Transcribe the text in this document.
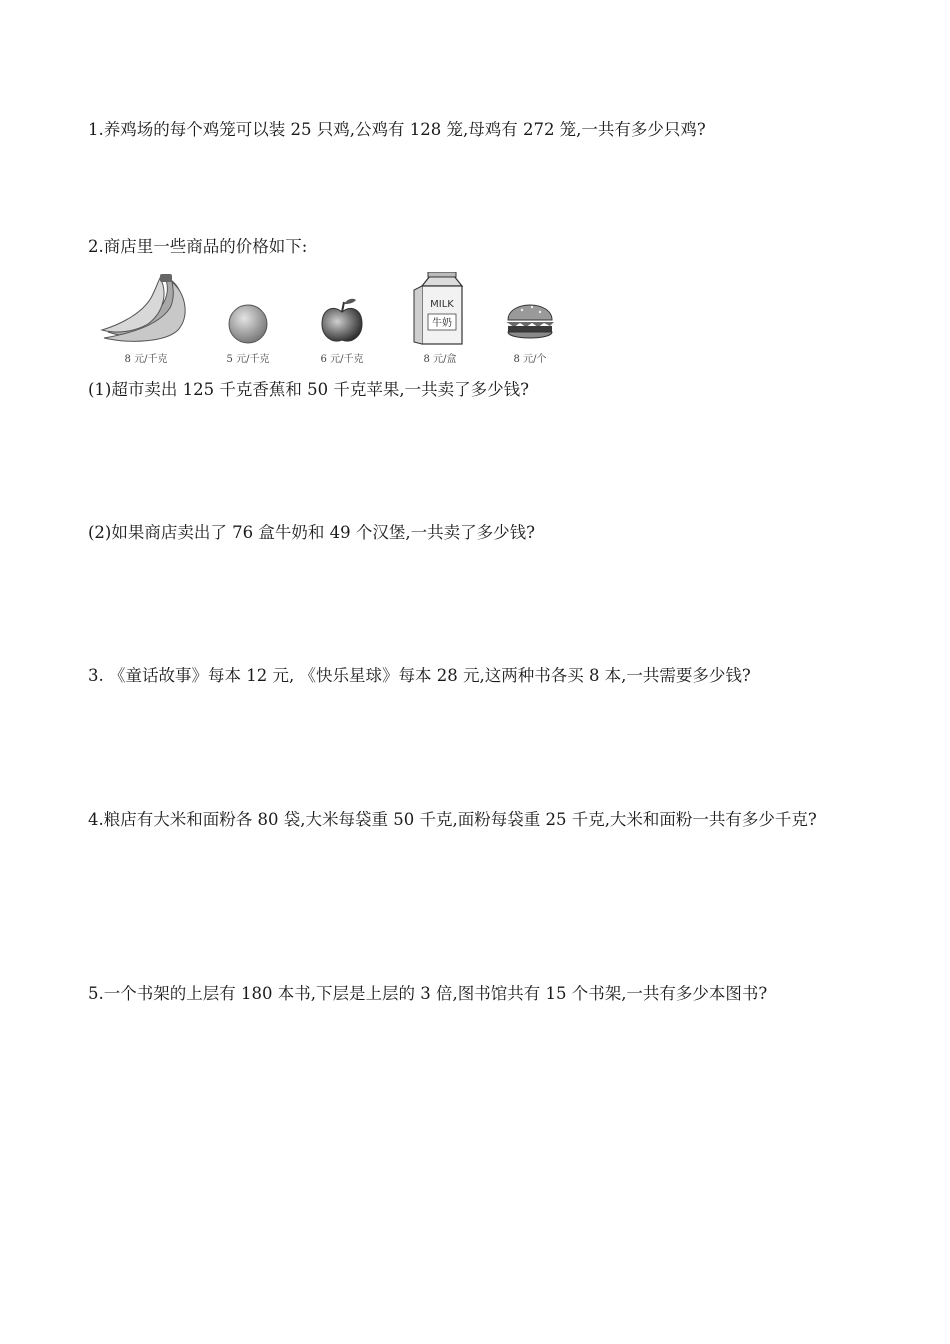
1.养鸡场的每个鸡笼可以装 25 只鸡,公鸡有 128 笼,母鸡有 272 笼,一共有多少只鸡?
2.商店里一些商品的价格如下:
8 元/千克	5 元/千克	6 元/千克
MILK
牛奶
8 元/盒	8 元/个
(1)超市卖出 125 千克香蕉和 50 千克苹果,一共卖了多少钱?
(2)如果商店卖出了 76 盒牛奶和 49 个汉堡,一共卖了多少钱?
3. 《童话故事》每本 12 元, 《快乐星球》每本 28 元,这两种书各买 8 本,一共需要多少钱?
4.粮店有大米和面粉各 80 袋,大米每袋重 50 千克,面粉每袋重 25 千克,大米和面粉一共有多少千克?
5.一个书架的上层有 180 本书,下层是上层的 3 倍,图书馆共有 15 个书架,一共有多少本图书?
